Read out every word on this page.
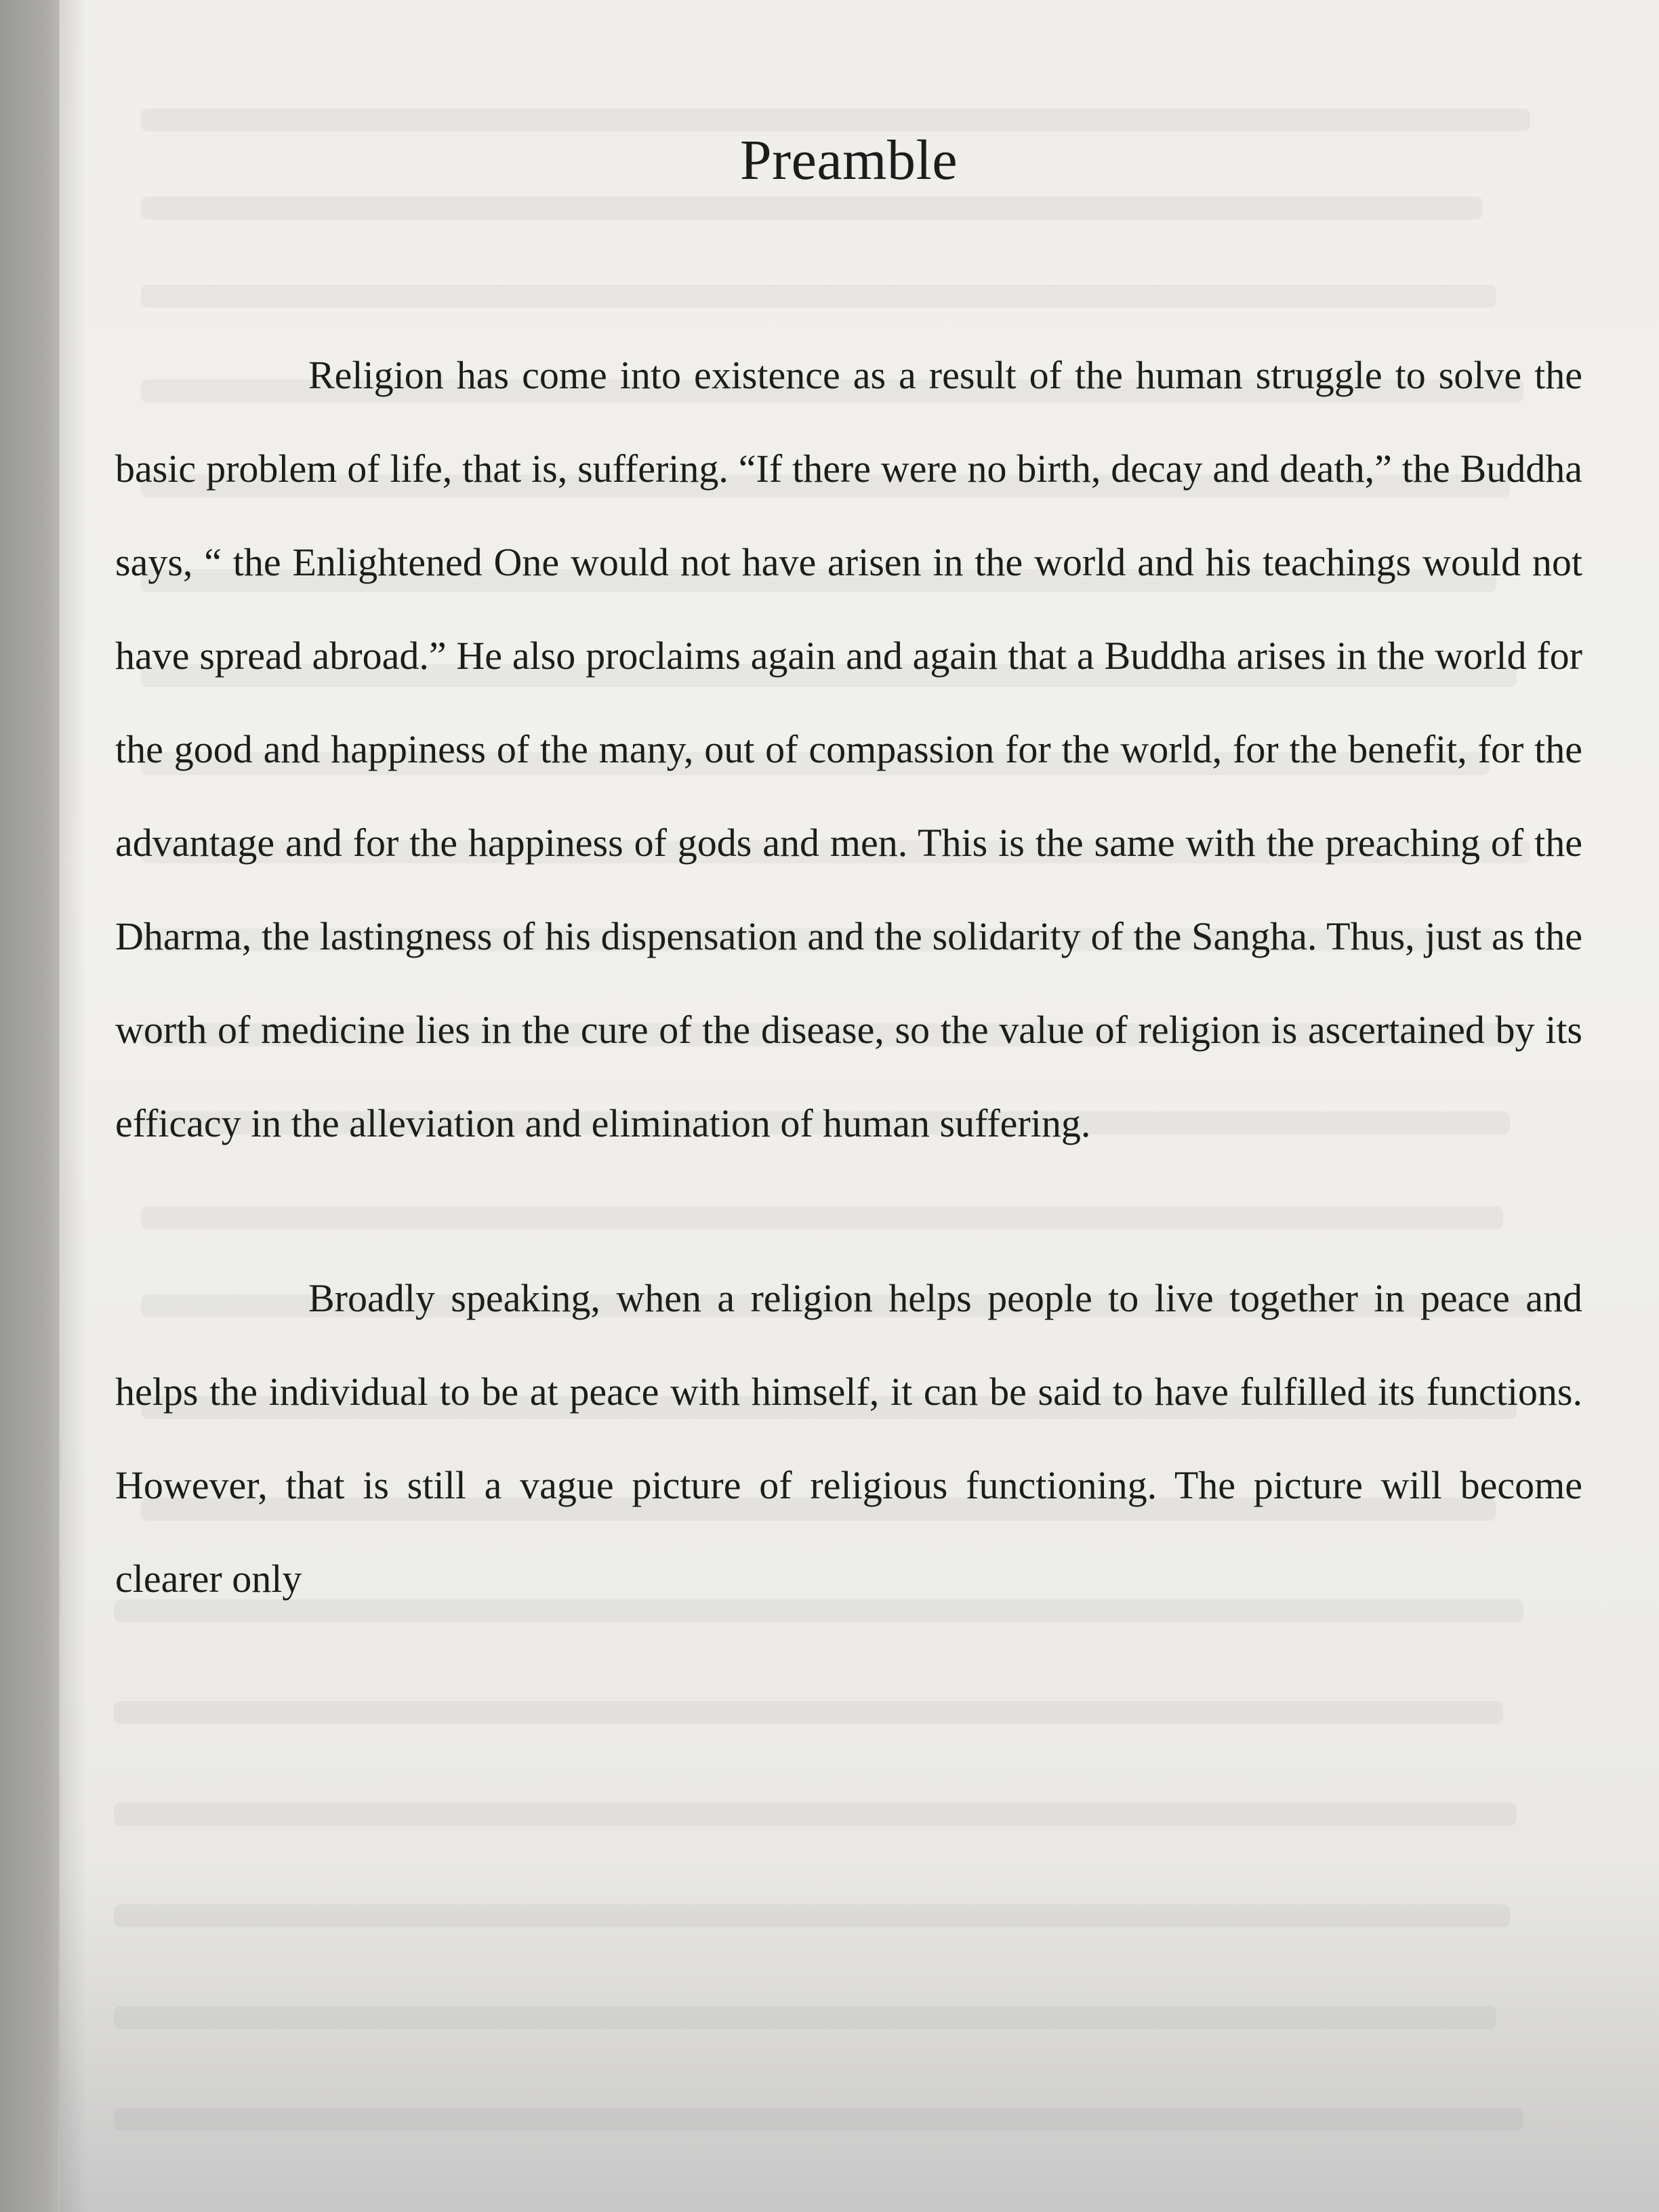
Preamble

Religion has come into existence as a result of the human struggle to solve the basic problem of life, that is, suffering. “If there were no birth, decay and death,” the Buddha says, “ the Enlightened One would not have arisen in the world and his teachings would not have spread abroad.” He also proclaims again and again that a Buddha arises in the world for the good and happiness of the many, out of compassion for the world, for the benefit, for the advantage and for the happiness of gods and men. This is the same with the preaching of the Dharma, the lastingness of his dispensation and the solidarity of the Sangha. Thus, just as the worth of medicine lies in the cure of the disease, so the value of religion is ascertained by its efficacy in the alleviation and elimination of human suffering.

Broadly speaking, when a religion helps people to live together in peace and helps the individual to be at peace with himself, it can be said to have fulfilled its functions. However, that is still a vague picture of religious functioning. The picture will become clearer only
